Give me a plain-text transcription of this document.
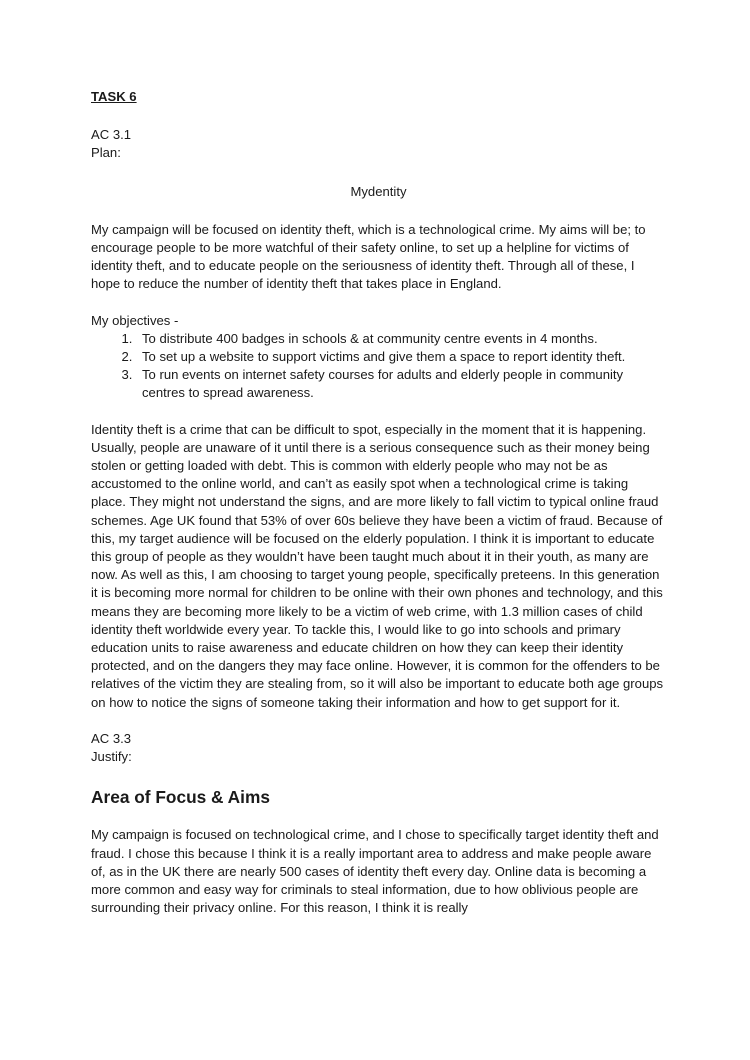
TASK 6

AC 3.1

Plan:

Mydentity

My campaign will be focused on identity theft, which is a technological crime. My aims will be; to encourage people to be more watchful of their safety online, to set up a helpline for victims of identity theft, and to educate people on the seriousness of identity theft. Through all of these, I hope to reduce the number of identity theft that takes place in England.

My objectives -

1. To distribute 400 badges in schools & at community centre events in 4 months.
2. To set up a website to support victims and give them a space to report identity theft.
3. To run events on internet safety courses for adults and elderly people in community centres to spread awareness.

Identity theft is a crime that can be difficult to spot, especially in the moment that it is happening. Usually, people are unaware of it until there is a serious consequence such as their money being stolen or getting loaded with debt. This is common with elderly people who may not be as accustomed to the online world, and can’t as easily spot when a technological crime is taking place. They might not understand the signs, and are more likely to fall victim to typical online fraud schemes. Age UK found that 53% of over 60s believe they have been a victim of fraud. Because of this, my target audience will be focused on the elderly population. I think it is important to educate this group of people as they wouldn’t have been taught much about it in their youth, as many are now. As well as this, I am choosing to target young people, specifically preteens. In this generation it is becoming more normal for children to be online with their own phones and technology, and this means they are becoming more likely to be a victim of web crime, with 1.3 million cases of child identity theft worldwide every year. To tackle this, I would like to go into schools and primary education units to raise awareness and educate children on how they can keep their identity protected, and on the dangers they may face online. However, it is common for the offenders to be relatives of the victim they are stealing from, so it will also be important to educate both age groups on how to notice the signs of someone taking their information and how to get support for it.

AC 3.3

Justify:

Area of Focus & Aims

My campaign is focused on technological crime, and I chose to specifically target identity theft and fraud. I chose this because I think it is a really important area to address and make people aware of, as in the UK there are nearly 500 cases of identity theft every day. Online data is becoming a more common and easy way for criminals to steal information, due to how oblivious people are surrounding their privacy online. For this reason, I think it is really
